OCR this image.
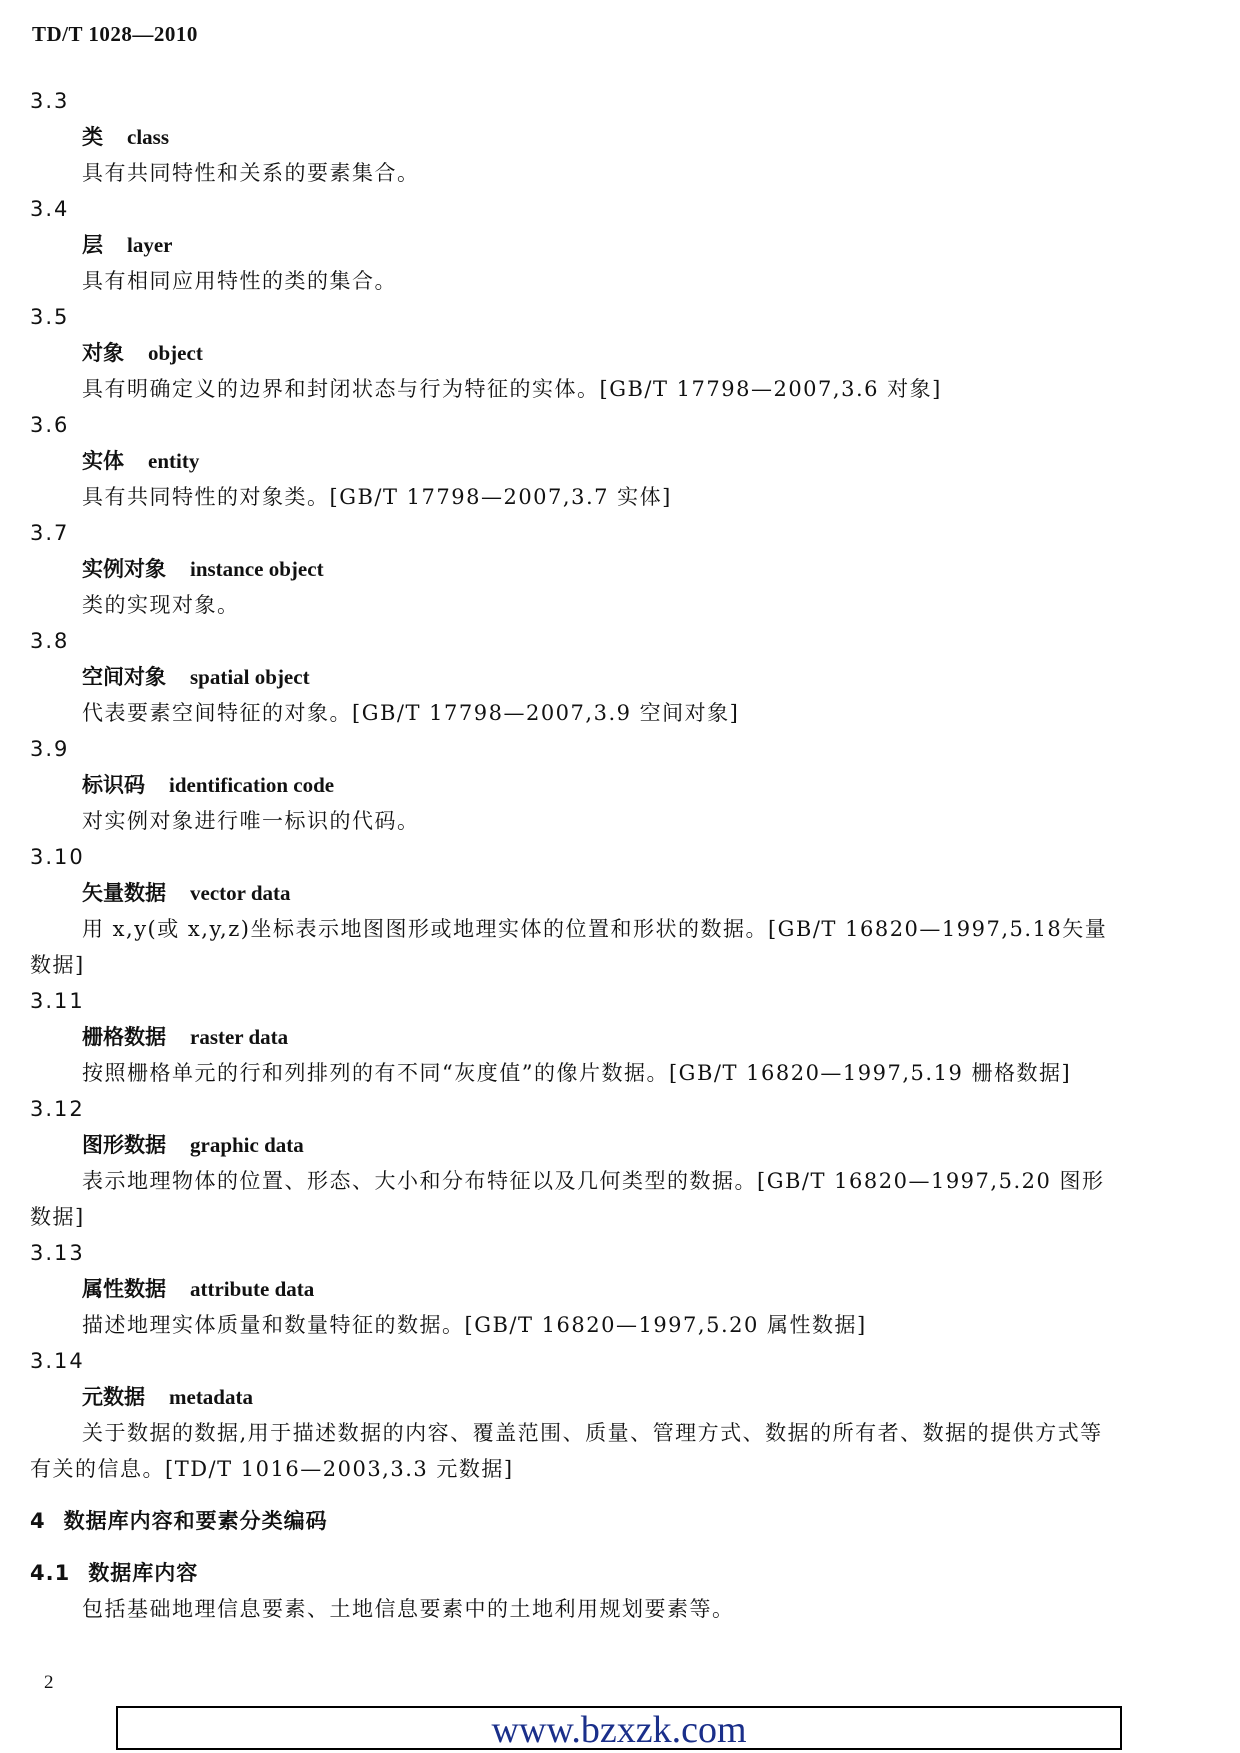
TD/T 1028—2010
3.3
类 class
具有共同特性和关系的要素集合。
3.4
层 layer
具有相同应用特性的类的集合。
3.5
对象 object
具有明确定义的边界和封闭状态与行为特征的实体。[GB/T 17798—2007,3.6 对象]
3.6
实体 entity
具有共同特性的对象类。[GB/T 17798—2007,3.7 实体]
3.7
实例对象 instance object
类的实现对象。
3.8
空间对象 spatial object
代表要素空间特征的对象。[GB/T 17798—2007,3.9 空间对象]
3.9
标识码 identification code
对实例对象进行唯一标识的代码。
3.10
矢量数据 vector data
用 x,y(或 x,y,z)坐标表示地图图形或地理实体的位置和形状的数据。[GB/T 16820—1997,5.18矢量数据]
3.11
栅格数据 raster data
按照栅格单元的行和列排列的有不同“灰度值”的像片数据。[GB/T 16820—1997,5.19 栅格数据]
3.12
图形数据 graphic data
表示地理物体的位置、形态、大小和分布特征以及几何类型的数据。[GB/T 16820—1997,5.20 图形数据]
3.13
属性数据 attribute data
描述地理实体质量和数量特征的数据。[GB/T 16820—1997,5.20 属性数据]
3.14
元数据 metadata
关于数据的数据,用于描述数据的内容、覆盖范围、质量、管理方式、数据的所有者、数据的提供方式等有关的信息。[TD/T 1016—2003,3.3 元数据]
4 数据库内容和要素分类编码
4.1 数据库内容
包括基础地理信息要素、土地信息要素中的土地利用规划要素等。
2
www.bzxzk.com
